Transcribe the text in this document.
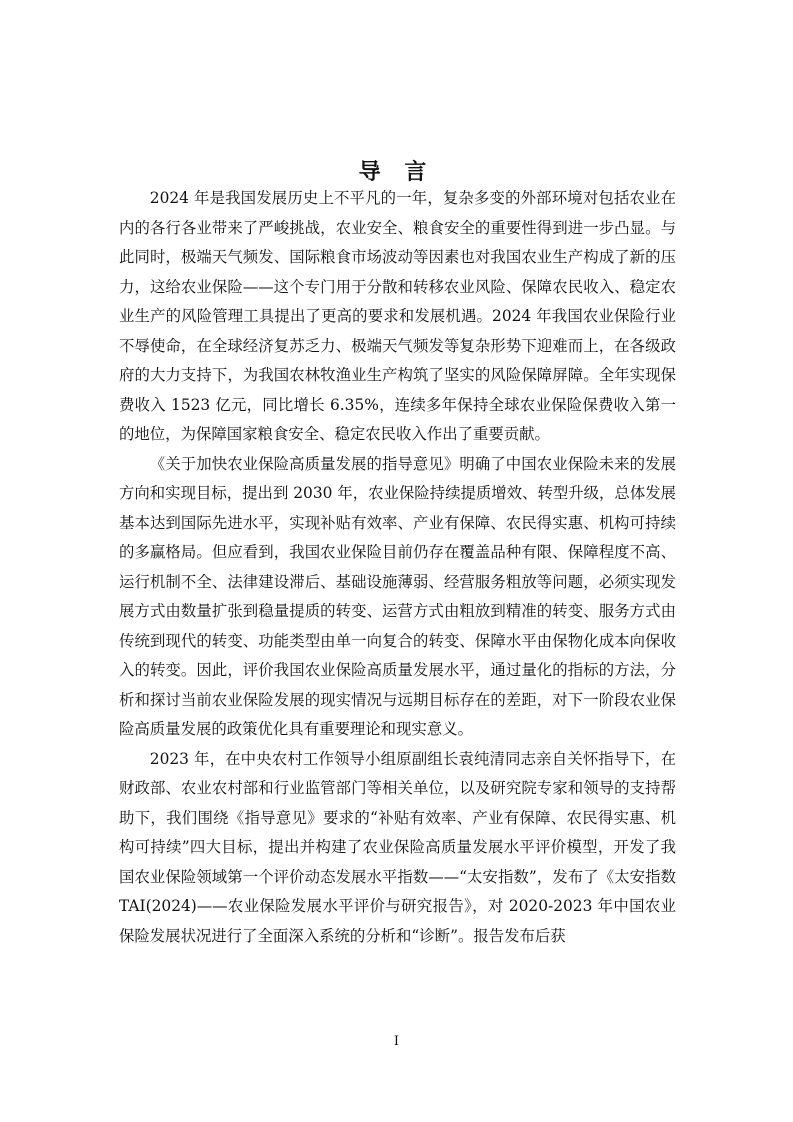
导 言

2024 年是我国发展历史上不平凡的一年，复杂多变的外部环境对包括农业在内的各行各业带来了严峻挑战，农业安全、粮食安全的重要性得到进一步凸显。与此同时，极端天气频发、国际粮食市场波动等因素也对我国农业生产构成了新的压力，这给农业保险——这个专门用于分散和转移农业风险、保障农民收入、稳定农业生产的风险管理工具提出了更高的要求和发展机遇。2024 年我国农业保险行业不辱使命，在全球经济复苏乏力、极端天气频发等复杂形势下迎难而上，在各级政府的大力支持下，为我国农林牧渔业生产构筑了坚实的风险保障屏障。全年实现保费收入 1523 亿元，同比增长 6.35%，连续多年保持全球农业保险保费收入第一的地位，为保障国家粮食安全、稳定农民收入作出了重要贡献。

《关于加快农业保险高质量发展的指导意见》明确了中国农业保险未来的发展方向和实现目标，提出到 2030 年，农业保险持续提质增效、转型升级，总体发展基本达到国际先进水平，实现补贴有效率、产业有保障、农民得实惠、机构可持续的多赢格局。但应看到，我国农业保险目前仍存在覆盖品种有限、保障程度不高、运行机制不全、法律建设滞后、基础设施薄弱、经营服务粗放等问题，必须实现发展方式由数量扩张到稳量提质的转变、运营方式由粗放到精准的转变、服务方式由传统到现代的转变、功能类型由单一向复合的转变、保障水平由保物化成本向保收入的转变。因此，评价我国农业保险高质量发展水平，通过量化的指标的方法，分析和探讨当前农业保险发展的现实情况与远期目标存在的差距，对下一阶段农业保险高质量发展的政策优化具有重要理论和现实意义。

2023 年，在中央农村工作领导小组原副组长袁纯清同志亲自关怀指导下，在财政部、农业农村部和行业监管部门等相关单位，以及研究院专家和领导的支持帮助下，我们围绕《指导意见》要求的“补贴有效率、产业有保障、农民得实惠、机构可持续”四大目标，提出并构建了农业保险高质量发展水平评价模型，开发了我国农业保险领域第一个评价动态发展水平指数——“太安指数”，发布了《太安指数 TAI(2024)——农业保险发展水平评价与研究报告》，对 2020-2023 年中国农业保险发展状况进行了全面深入系统的分析和“诊断”。报告发布后获

I
